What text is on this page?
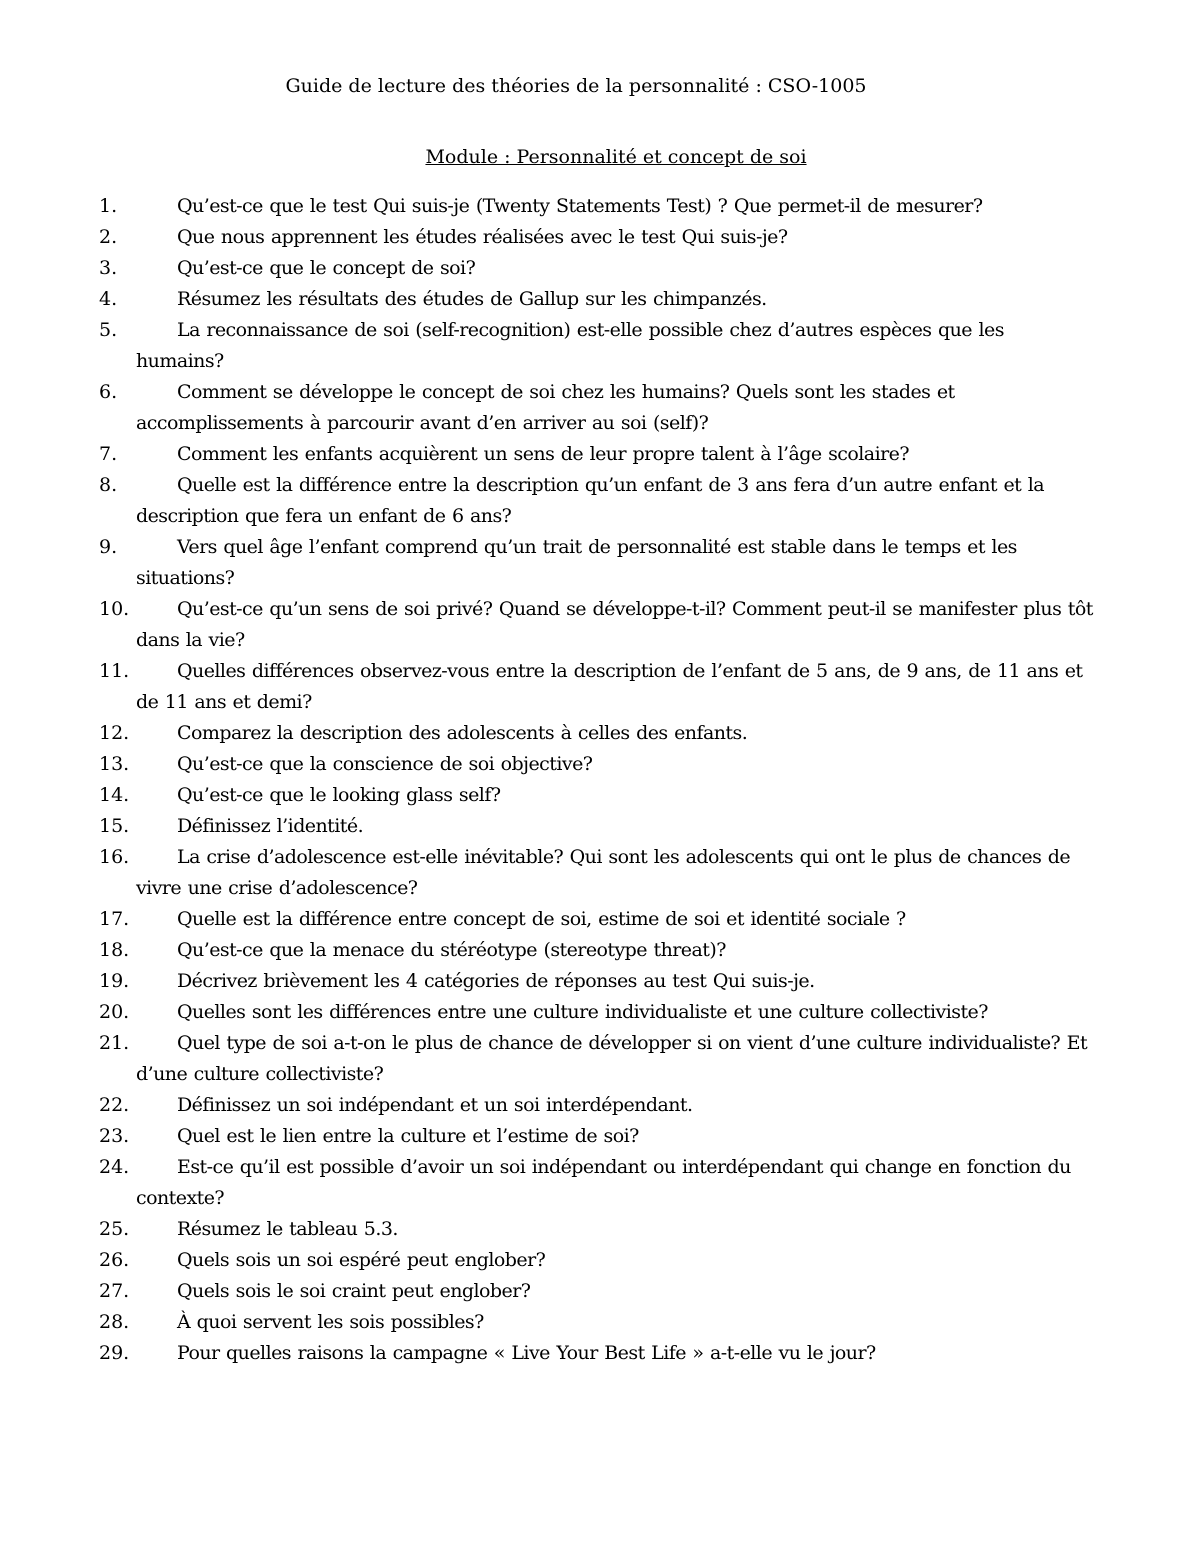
Guide de lecture des théories de la personnalité : CSO-1005
Module : Personnalité et concept de soi
1.	Qu’est-ce que le test Qui suis-je (Twenty Statements Test) ? Que permet-il de mesurer?
2.	Que nous apprennent les études réalisées avec le test Qui suis-je?
3.	Qu’est-ce que le concept de soi?
4.	Résumez les résultats des études de Gallup sur les chimpanzés.
5.	La reconnaissance de soi (self-recognition) est-elle possible chez d’autres espèces que les humains?
6.	Comment se développe le concept de soi chez les humains? Quels sont les stades et accomplissements à parcourir avant d’en arriver au soi (self)?
7.	Comment les enfants acquièrent un sens de leur propre talent à l’âge scolaire?
8.	Quelle est la différence entre la description qu’un enfant de 3 ans fera d’un autre enfant et la description que fera un enfant de 6 ans?
9.	Vers quel âge l’enfant comprend qu’un trait de personnalité est stable dans le temps et les situations?
10.	Qu’est-ce qu’un sens de soi privé? Quand se développe-t-il? Comment peut-il se manifester plus tôt dans la vie?
11.	Quelles différences observez-vous entre la description de l’enfant de 5 ans, de 9 ans, de 11 ans et de 11 ans et demi?
12.	Comparez la description des adolescents à celles des enfants.
13.	Qu’est-ce que la conscience de soi objective?
14.	Qu’est-ce que le looking glass self?
15.	Définissez l’identité.
16.	La crise d’adolescence est-elle inévitable? Qui sont les adolescents qui ont le plus de chances de vivre une crise d’adolescence?
17.	Quelle est la différence entre concept de soi, estime de soi et identité sociale ?
18.	Qu’est-ce que la menace du stéréotype (stereotype threat)?
19.	Décrivez brièvement les 4 catégories de réponses au test Qui suis-je.
20.	Quelles sont les différences entre une culture individualiste et une culture collectiviste?
21.	Quel type de soi a-t-on le plus de chance de développer si on vient d’une culture individualiste? Et d’une culture collectiviste?
22.	Définissez un soi indépendant et un soi interdépendant.
23.	Quel est le lien entre la culture et l’estime de soi?
24.	Est-ce qu’il est possible d’avoir un soi indépendant ou interdépendant qui change en fonction du contexte?
25.	Résumez le tableau 5.3.
26.	Quels sois un soi espéré peut englober?
27.	Quels sois le soi craint peut englober?
28.	À quoi servent les sois possibles?
29.	Pour quelles raisons la campagne « Live Your Best Life » a-t-elle vu le jour?
